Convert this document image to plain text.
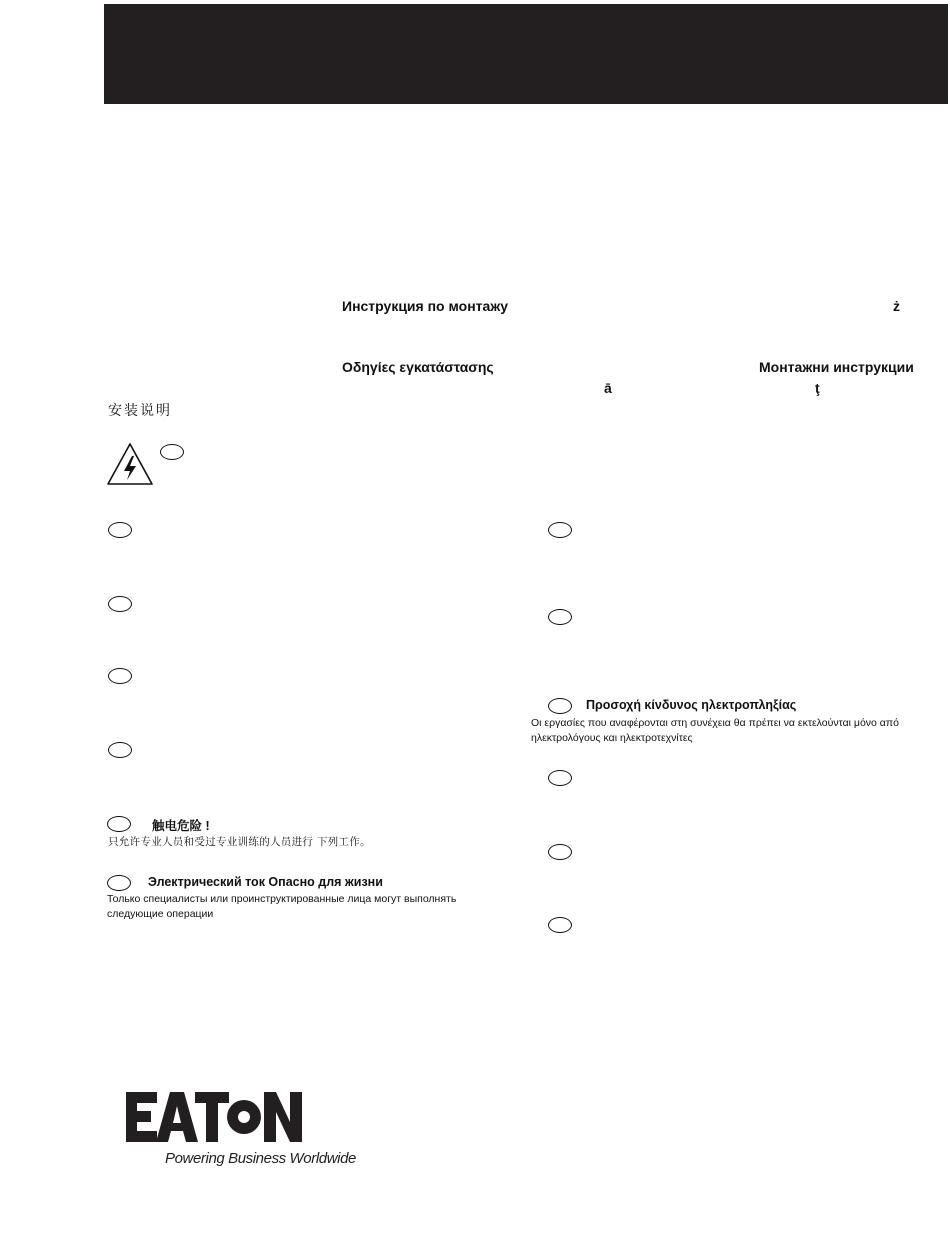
Инструкция по монтажу	ż
Οδηγίες εγκατάστασης	Монтажни инструкции
ā	ţ
安装说明
触电危险 !
只允许专业人员和受过专业训练的人员进行 下列工作。
Электрический ток Опасно для жизни
Только специалисты или проинструктированные лица могут выполнять следующие операции
Προσοχή κίνδυνος ηλεκτροπληξίας
Οι εργασίες που αναφέρονται στη συνέχεια θα πρέπει να εκτελούνται μόνο από ηλεκτρολόγους και ηλεκτροτεχνίτες
Powering Business Worldwide
